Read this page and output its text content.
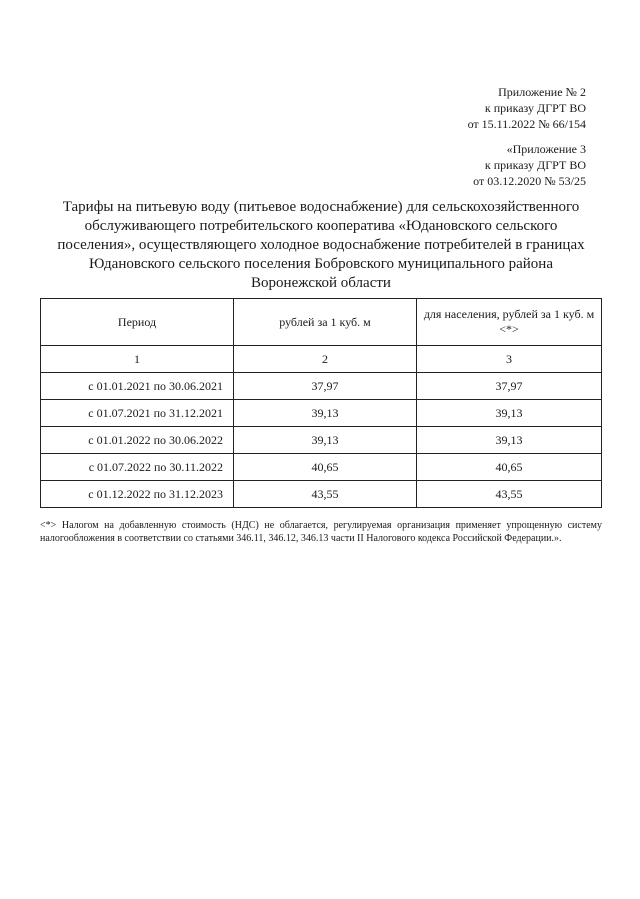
Приложение № 2
к приказу ДГРТ ВО
от 15.11.2022 № 66/154
«Приложение 3
к приказу ДГРТ ВО
от 03.12.2020 № 53/25
Тарифы на питьевую воду (питьевое водоснабжение) для сельскохозяйственного
обслуживающего потребительского кооператива «Юдановского сельского
поселения», осуществляющего холодное водоснабжение потребителей в границах
Юдановского сельского поселения Бобровского муниципального района
Воронежской области
Период	рублей за 1 куб. м	для населения, рублей за 1 куб. м <*>
1	2	3
с 01.01.2021 по 30.06.2021	37,97	37,97
с 01.07.2021 по 31.12.2021	39,13	39,13
с 01.01.2022 по 30.06.2022	39,13	39,13
с 01.07.2022 по 30.11.2022	40,65	40,65
с 01.12.2022 по 31.12.2023	43,55	43,55

<*> Налогом на добавленную стоимость (НДС) не облагается, регулируемая организация применяет упрощенную систему налогообложения в соответствии со статьями 346.11, 346.12, 346.13 части II Налогового кодекса Российской Федерации.».
